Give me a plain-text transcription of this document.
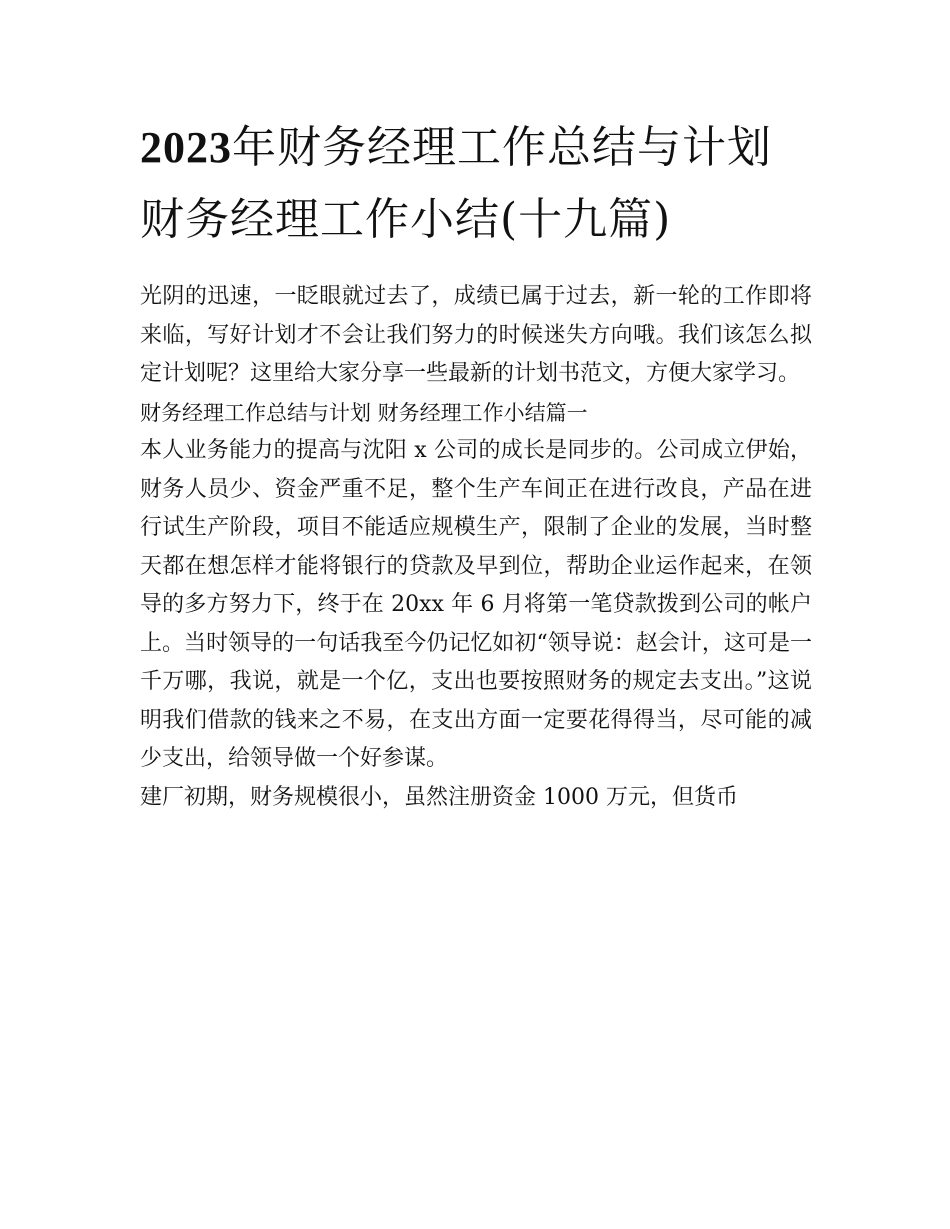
2023年财务经理工作总结与计划 财务经理工作小结(十九篇)

光阴的迅速，一眨眼就过去了，成绩已属于过去，新一轮的工作即将来临，写好计划才不会让我们努力的时候迷失方向哦。我们该怎么拟定计划呢？这里给大家分享一些最新的计划书范文，方便大家学习。

财务经理工作总结与计划 财务经理工作小结篇一

本人业务能力的提高与沈阳 x 公司的成长是同步的。公司成立伊始，财务人员少、资金严重不足，整个生产车间正在进行改良，产品在进行试生产阶段，项目不能适应规模生产，限制了企业的发展，当时整天都在想怎样才能将银行的贷款及早到位，帮助企业运作起来，在领导的多方努力下，终于在 20xx 年 6 月将第一笔贷款拨到公司的帐户上。当时领导的一句话我至今仍记忆如初“领导说：赵会计，这可是一千万哪，我说，就是一个亿，支出也要按照财务的规定去支出。”这说明我们借款的钱来之不易，在支出方面一定要花得得当，尽可能的减少支出，给领导做一个好参谋。

建厂初期，财务规模很小，虽然注册资金 1000 万元，但货币
